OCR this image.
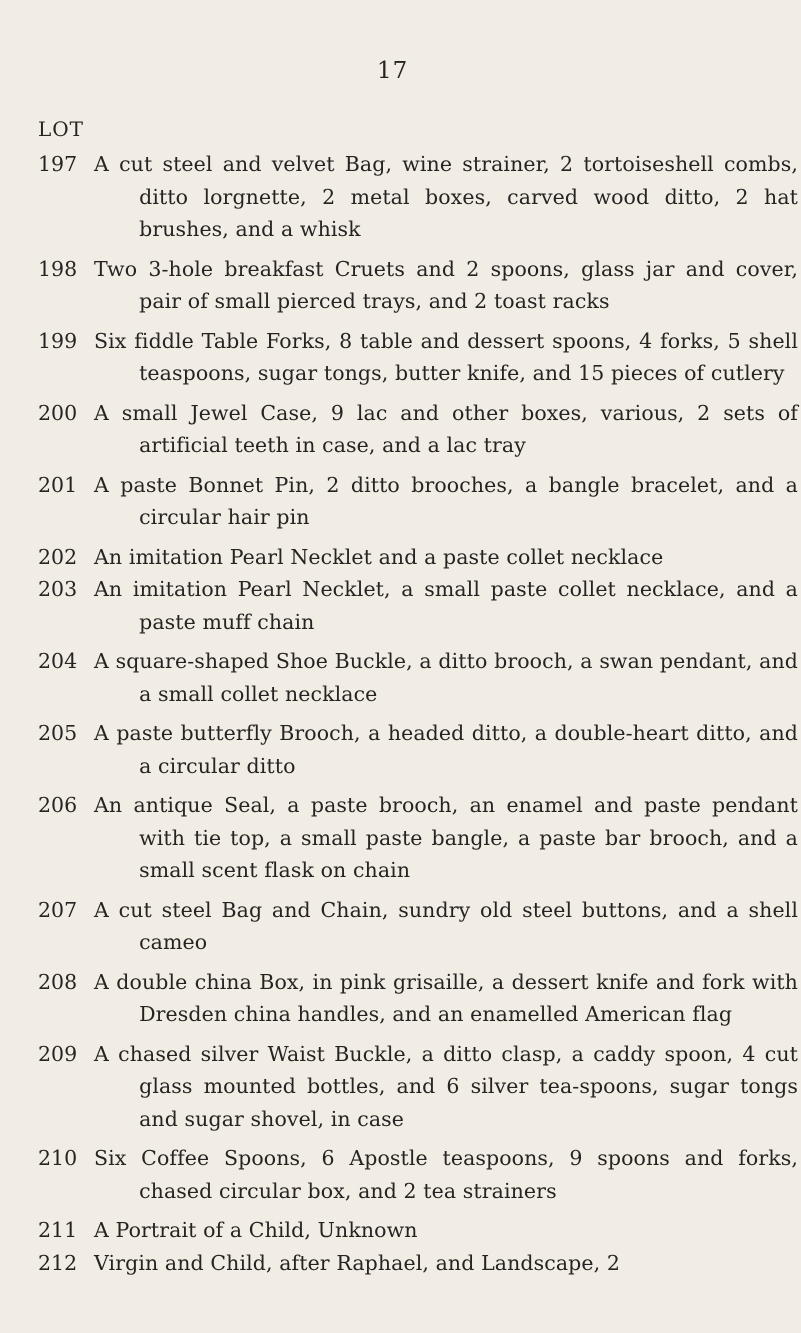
17
LOT
197 A cut steel and velvet Bag, wine strainer, 2 tortoiseshell combs, ditto lorgnette, 2 metal boxes, carved wood ditto, 2 hat brushes, and a whisk
198 Two 3-hole breakfast Cruets and 2 spoons, glass jar and cover, pair of small pierced trays, and 2 toast racks
199 Six fiddle Table Forks, 8 table and dessert spoons, 4 forks, 5 shell teaspoons, sugar tongs, butter knife, and 15 pieces of cutlery
200 A small Jewel Case, 9 lac and other boxes, various, 2 sets of artificial teeth in case, and a lac tray
201 A paste Bonnet Pin, 2 ditto brooches, a bangle bracelet, and a circular hair pin
202 An imitation Pearl Necklet and a paste collet necklace
203 An imitation Pearl Necklet, a small paste collet necklace, and a paste muff chain
204 A square-shaped Shoe Buckle, a ditto brooch, a swan pendant, and a small collet necklace
205 A paste butterfly Brooch, a headed ditto, a double-heart ditto, and a circular ditto
206 An antique Seal, a paste brooch, an enamel and paste pendant with tie top, a small paste bangle, a paste bar brooch, and a small scent flask on chain
207 A cut steel Bag and Chain, sundry old steel buttons, and a shell cameo
208 A double china Box, in pink grisaille, a dessert knife and fork with Dresden china handles, and an enamelled American flag
209 A chased silver Waist Buckle, a ditto clasp, a caddy spoon, 4 cut glass mounted bottles, and 6 silver tea-spoons, sugar tongs and sugar shovel, in case
210 Six Coffee Spoons, 6 Apostle teaspoons, 9 spoons and forks, chased circular box, and 2 tea strainers
211 A Portrait of a Child, Unknown
212 Virgin and Child, after Raphael, and Landscape, 2
